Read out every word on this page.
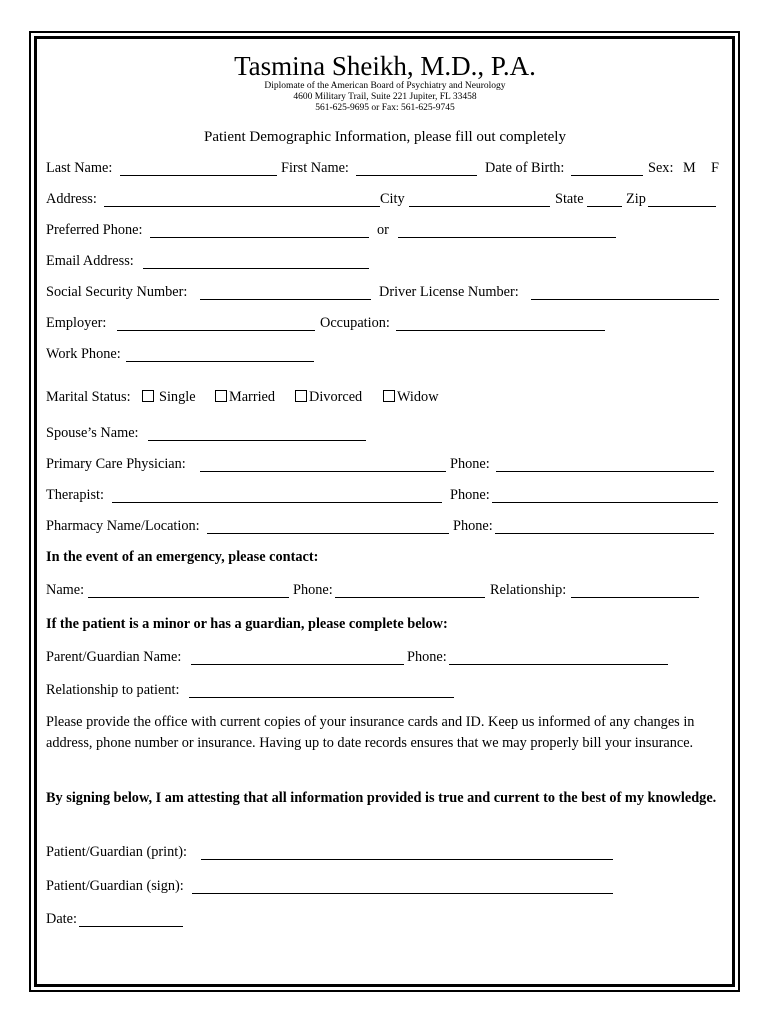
Tasmina Sheikh, M.D., P.A.
Diplomate of the American Board of Psychiatry and Neurology
4600 Military Trail, Suite 221 Jupiter, FL 33458
561-625-9695 or Fax: 561-625-9745
Patient Demographic Information, please fill out completely
Last Name:	First Name:	Date of Birth:	Sex: M F
Address:	City	State	Zip
Preferred Phone:	or
Email Address:
Social Security Number:	Driver License Number:
Employer:	Occupation:
Work Phone:
Marital Status: Single Married Divorced Widow
Spouse’s Name:
Primary Care Physician:	Phone:
Therapist:	Phone:
Pharmacy Name/Location:	Phone:
In the event of an emergency, please contact:
Name:	Phone:	Relationship:
If the patient is a minor or has a guardian, please complete below:
Parent/Guardian Name:	Phone:
Relationship to patient:
Please provide the office with current copies of your insurance cards and ID. Keep us informed of any changes in address, phone number or insurance. Having up to date records ensures that we may properly bill your insurance.
By signing below, I am attesting that all information provided is true and current to the best of my knowledge.
Patient/Guardian (print):
Patient/Guardian (sign):
Date:
